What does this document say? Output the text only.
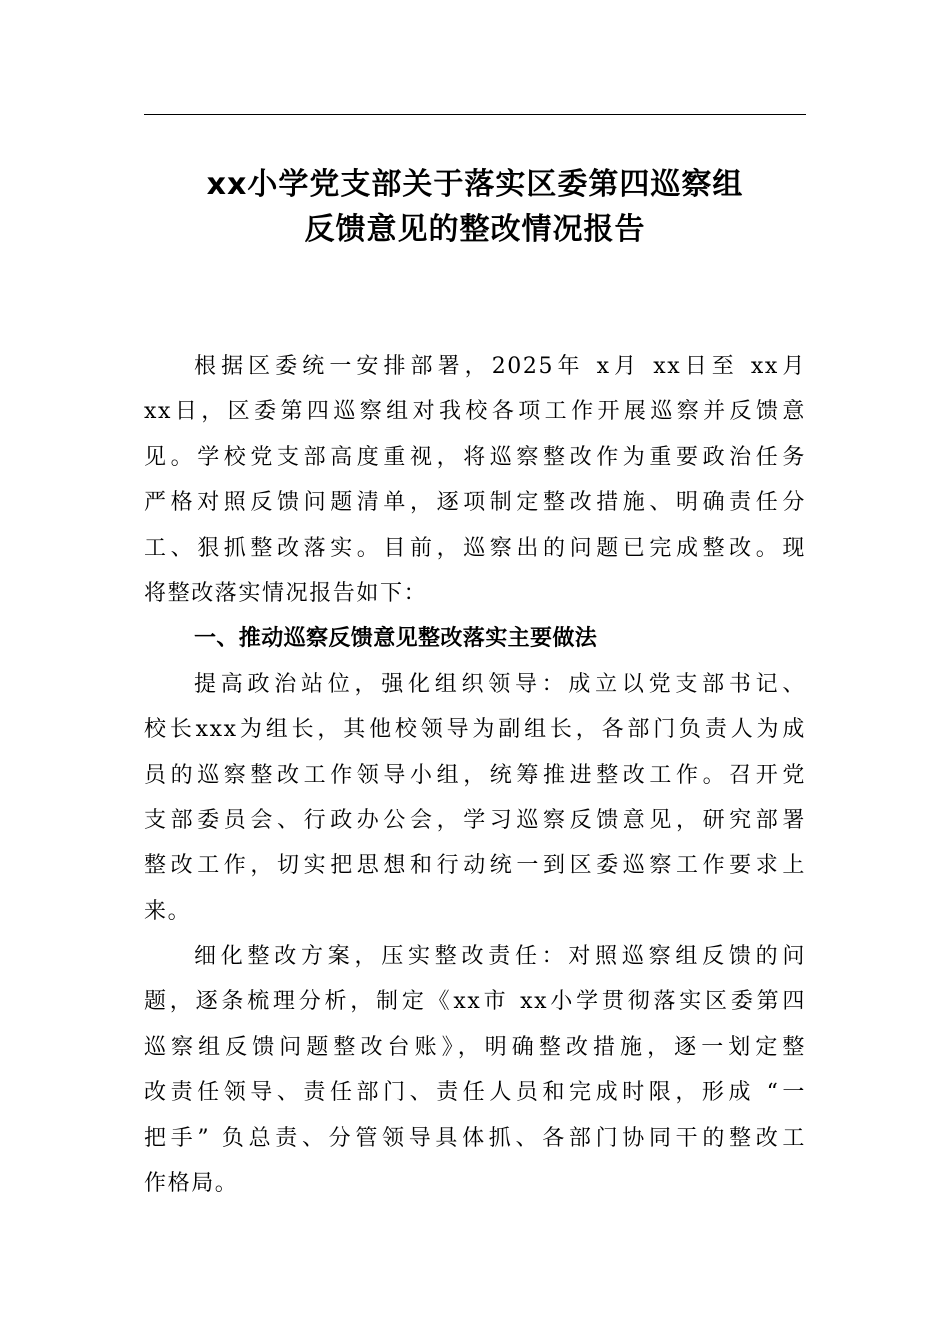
xx小学党支部关于落实区委第四巡察组
反馈意见的整改情况报告
根据区委统一安排部署，2025年 x月 xx日至 xx月
xx日，区委第四巡察组对我校各项工作开展巡察并反馈意
见。学校党支部高度重视，将巡察整改作为重要政治任务
严格对照反馈问题清单，逐项制定整改措施、明确责任分
工、狠抓整改落实。目前，巡察出的问题已完成整改。现
将整改落实情况报告如下：
一、推动巡察反馈意见整改落实主要做法
提高政治站位，强化组织领导：成立以党支部书记、
校长xxx为组长，其他校领导为副组长，各部门负责人为成
员的巡察整改工作领导小组，统筹推进整改工作。召开党
支部委员会、行政办公会，学习巡察反馈意见，研究部署
整改工作，切实把思想和行动统一到区委巡察工作要求上
来。
细化整改方案，压实整改责任：对照巡察组反馈的问
题，逐条梳理分析，制定《xx市 xx小学贯彻落实区委第四
巡察组反馈问题整改台账》，明确整改措施，逐一划定整
改责任领导、责任部门、责任人员和完成时限，形成 “一
把手” 负总责、分管领导具体抓、各部门协同干的整改工
作格局。
